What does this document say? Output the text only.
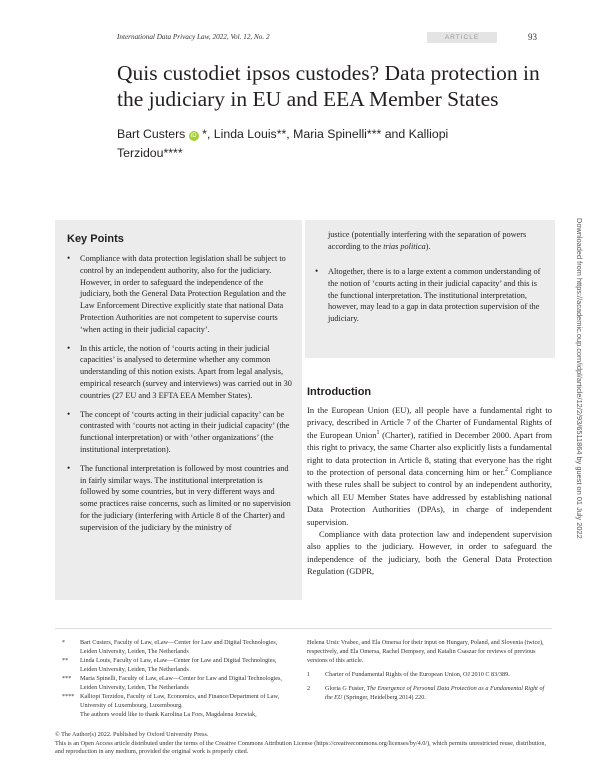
International Data Privacy Law, 2022, Vol. 12, No. 2	ARTICLE	93
Quis custodiet ipsos custodes? Data protection in the judiciary in EU and EEA Member States
Bart Custers iD *, Linda Louis**, Maria Spinelli*** and Kalliopi Terzidou****
Key Points
• Compliance with data protection legislation shall be subject to control by an independent authority, also for the judiciary. However, in order to safeguard the independence of the judiciary, both the General Data Protection Regulation and the Law Enforcement Directive explicitly state that national Data Protection Authorities are not competent to supervise courts ‘when acting in their judicial capacity’.
• In this article, the notion of ‘courts acting in their judicial capacities’ is analysed to determine whether any common understanding of this notion exists. Apart from legal analysis, empirical research (survey and interviews) was carried out in 30 countries (27 EU and 3 EFTA EEA Member States).
• The concept of ‘courts acting in their judicial capacity’ can be contrasted with ‘courts not acting in their judicial capacity’ (the functional interpretation) or with ‘other organizations’ (the institutional interpretation).
• The functional interpretation is followed by most countries and in fairly similar ways. The institutional interpretation is followed by some countries, but in very different ways and some practices raise concerns, such as limited or no supervision for the judiciary (interfering with Article 8 of the Charter) and supervision of the judiciary by the ministry of
justice (potentially interfering with the separation of powers according to the trias politica).
• Altogether, there is to a large extent a common understanding of the notion of ‘courts acting in their judicial capacity’ and this is the functional interpretation. The institutional interpretation, however, may lead to a gap in data protection supervision of the judiciary.
Introduction

In the European Union (EU), all people have a fundamental right to privacy, described in Article 7 of the Charter of Fundamental Rights of the European Union$^1$ (Charter), ratified in December 2000. Apart from this right to privacy, the same Charter also explicitly lists a fundamental right to data protection in Article 8, stating that everyone has the right to the protection of personal data concerning him or her.$^2$ Compliance with these rules shall be subject to control by an independent authority, which all EU Member States have addressed by establishing national Data Protection Authorities (DPAs), in charge of independent supervision.

Compliance with data protection law and independent supervision also applies to the judiciary. However, in order to safeguard the independence of the judiciary, both the General Data Protection Regulation (GDPR,

* Bart Custers, Faculty of Law, eLaw—Center for Law and Digital Technologies, Leiden University, Leiden, The Netherlands
** Linda Louis, Faculty of Law, eLaw—Center for Law and Digital Technologies, Leiden University, Leiden, The Netherlands
*** Maria Spinelli, Faculty of Law, eLaw—Center for Law and Digital Technologies, Leiden University, Leiden, The Netherlands
**** Kalliopi Terzidou, Faculty of Law, Economics, and Finance/Department of Law, University of Luxembourg, Luxembourg.
The authors would like to thank Karolina La Fors, Magdalena Jozwiak,
Helena Ursic Vrabec, and Ela Omersa for their input on Hungary, Poland, and Slovenia (twice), respectively, and Ela Omersa, Rachel Dempsey, and Katalin Csaszar for reviews of previous versions of this article.
1 Charter of Fundamental Rights of the European Union, OJ 2010 C 83/389.
2 Gloria G Fuster, The Emergence of Personal Data Protection as a Fundamental Right of the EU (Springer, Heidelberg 2014) 220.
© The Author(s) 2022. Published by Oxford University Press.
This is an Open Access article distributed under the terms of the Creative Commons Attribution License (https://creativecommons.org/licenses/by/4.0/), which permits unrestricted reuse, distribution, and reproduction in any medium, provided the original work is properly cited.
Downloaded from https://academic.oup.com/idpl/article/12/2/93/6511864 by guest on 01 July 2022
